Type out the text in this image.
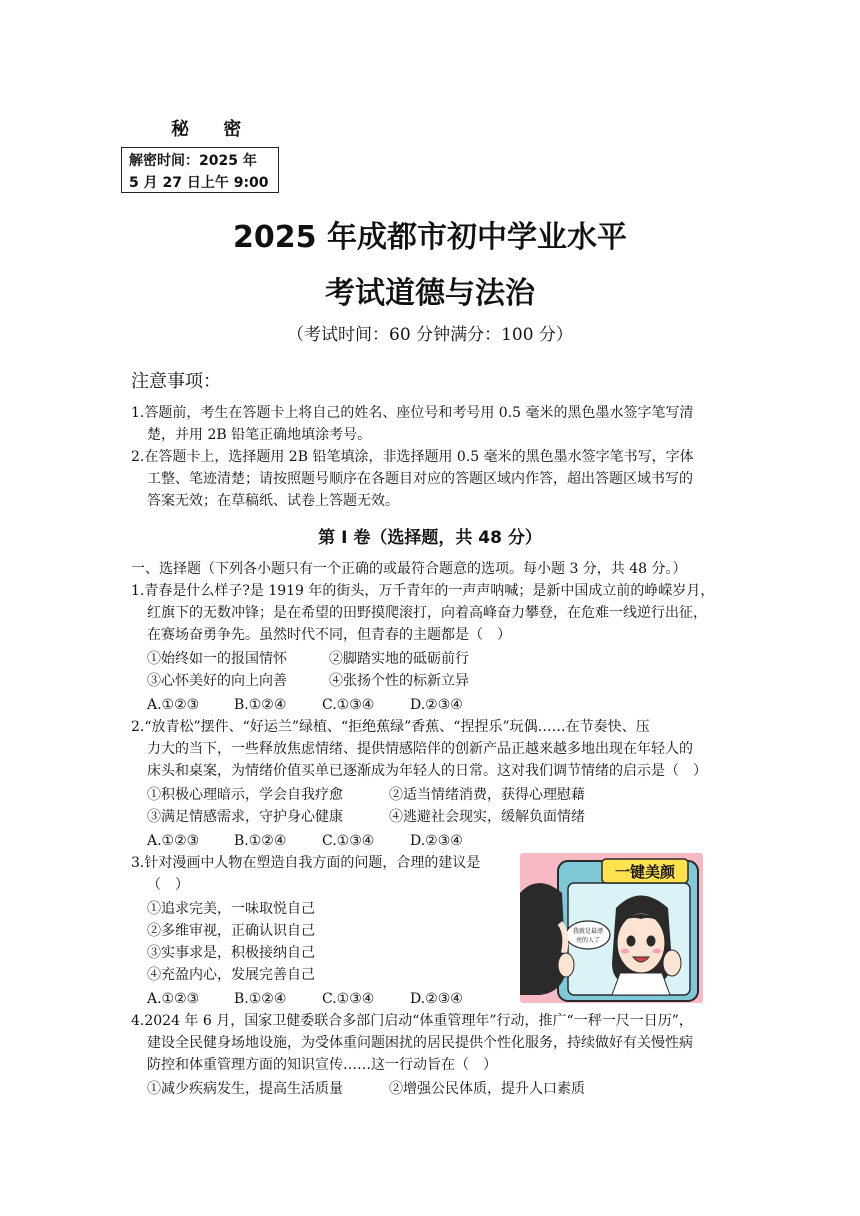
秘 密
解密时间：2025 年
5 月 27 日上午 9:00
2025 年成都市初中学业水平
考试道德与法治
（考试时间：60 分钟满分：100 分）
注意事项：
1.答题前，考生在答题卡上将自己的姓名、座位号和考号用 0.5 毫米的黑色墨水签字笔写清
楚，并用 2B 铅笔正确地填涂考号。
2.在答题卡上，选择题用 2B 铅笔填涂，非选择题用 0.5 毫米的黑色墨水签字笔书写，字体
工整、笔迹清楚；请按照题号顺序在各题目对应的答题区域内作答，超出答题区域书写的
答案无效；在草稿纸、试卷上答题无效。
第 I 卷（选择题，共 48 分）
一、选择题（下列各小题只有一个正确的或最符合题意的选项。每小题 3 分，共 48 分。）
1.青春是什么样子?是 1919 年的街头，万千青年的一声声呐喊；是新中国成立前的峥嵘岁月，
红旗下的无数冲锋；是在希望的田野摸爬滚打，向着高峰奋力攀登，在危难一线逆行出征，
在赛场奋勇争先。虽然时代不同，但青春的主题都是（　）
①始终如一的报国情怀	②脚踏实地的砥砺前行
③心怀美好的向上向善	④张扬个性的标新立异
A.①②③ B.①②④	C.①③④	D.②③④
2.“放青松”摆件、“好运兰”绿植、“拒绝蕉绿”香蕉、“捏捏乐”玩偶……在节奏快、压
力大的当下，一些释放焦虑情绪、提供情感陪伴的创新产品正越来越多地出现在年轻人的
床头和桌案，为情绪价值买单已逐渐成为年轻人的日常。这对我们调节情绪的启示是（　）
①积极心理暗示，学会自我疗愈	②适当情绪消费，获得心理慰藉
③满足情感需求，守护身心健康	④逃避社会现实，缓解负面情绪
A.①②③ B.①②④	C.①③④	D.②③④
3.针对漫画中人物在塑造自我方面的问题，合理的建议是
（　）
①追求完美，一味取悦自己
②多维审视，正确认识自己
③实事求是，积极接纳自己
④充盈内心，发展完善自己
A.①②③ B.①②④	C.①③④	D.②③④
一键美颜
我就是最漂
亮的人了
4.2024 年 6 月，国家卫健委联合多部门启动“体重管理年”行动，推广“一秤一尺一日历”，
建设全民健身场地设施，为受体重问题困扰的居民提供个性化服务，持续做好有关慢性病
防控和体重管理方面的知识宣传……这一行动旨在（　）
①减少疾病发生，提高生活质量	②增强公民体质，提升人口素质
